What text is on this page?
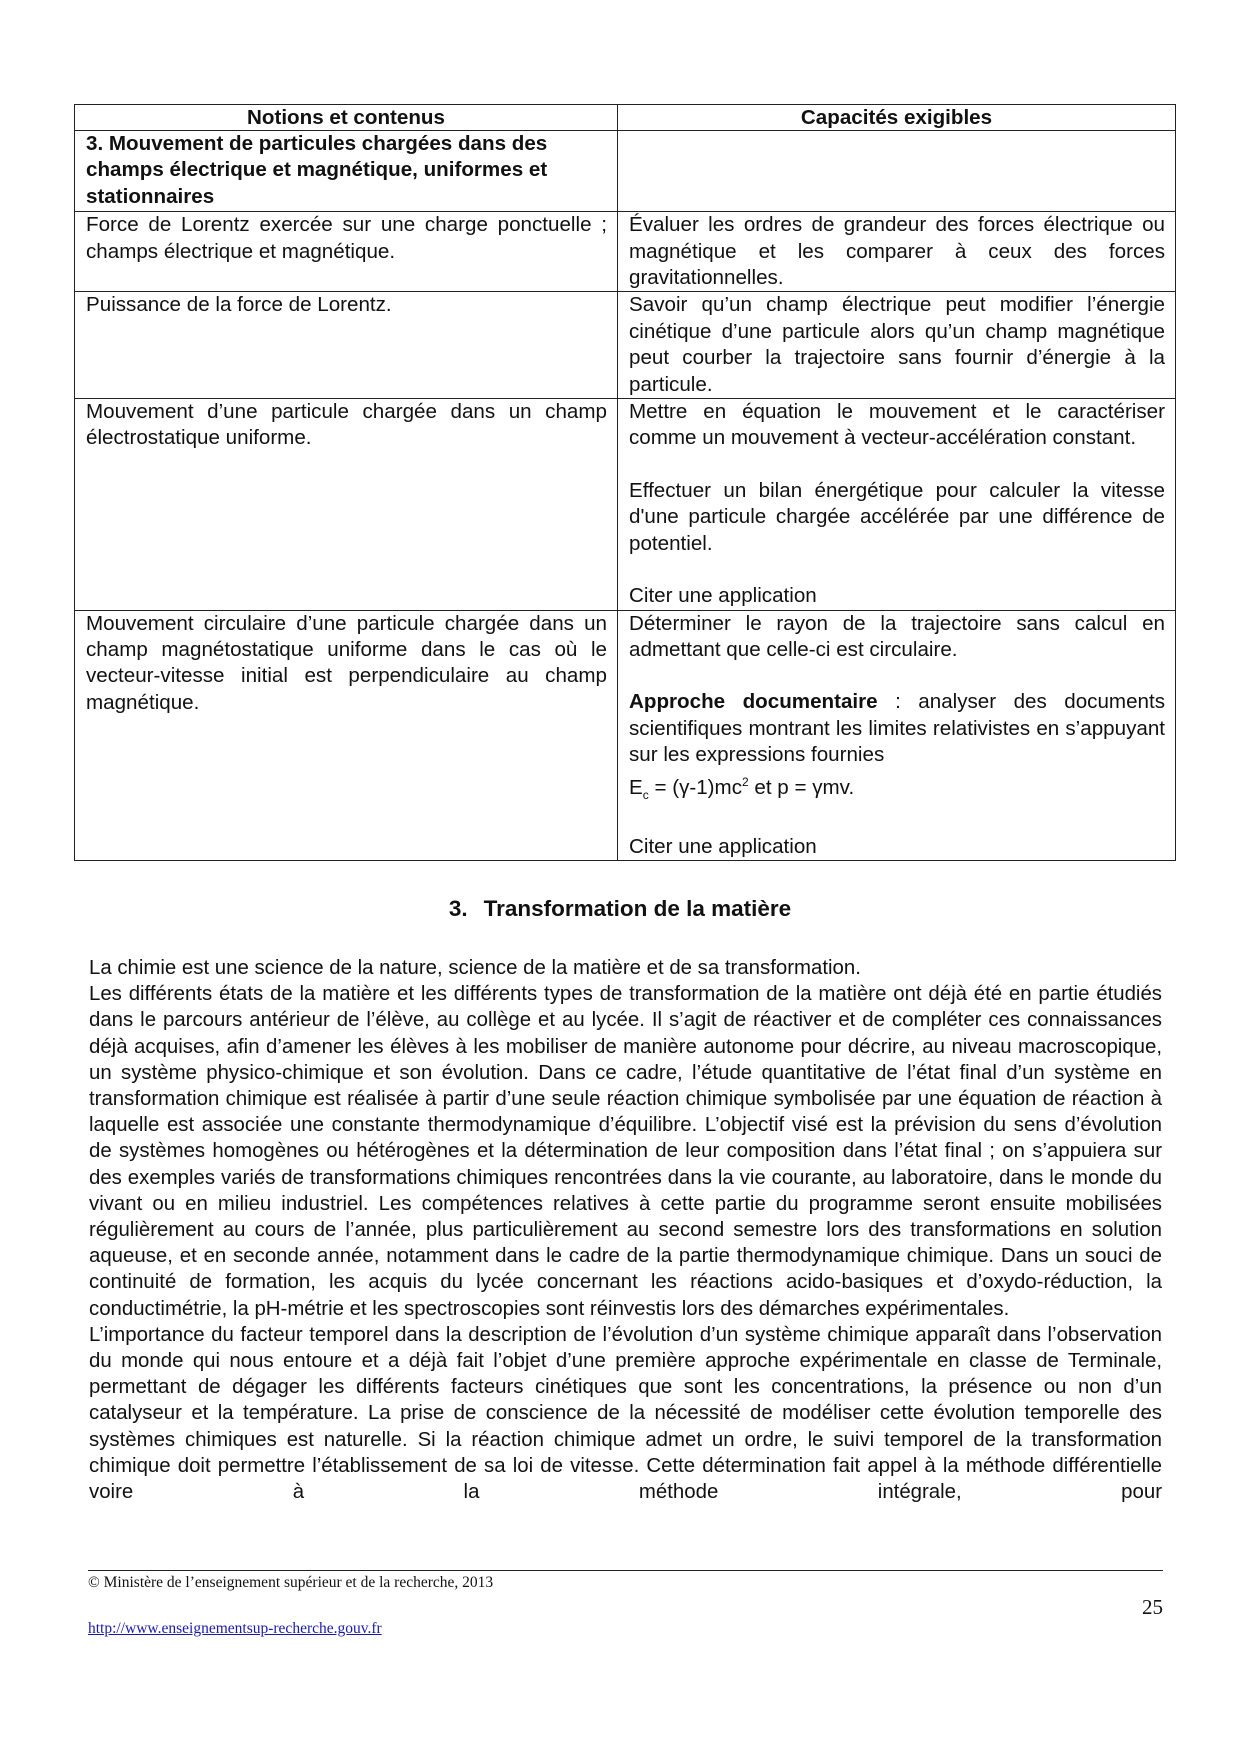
Notions et contenus	Capacités exigibles
3. Mouvement de particules chargées dans des champs électrique et magnétique, uniformes et stationnaires	
Force de Lorentz exercée sur une charge ponctuelle ; champs électrique et magnétique.	Évaluer les ordres de grandeur des forces électrique ou magnétique et les comparer à ceux des forces gravitationnelles.

Puissance de la force de Lorentz.	Savoir qu’un champ électrique peut modifier l’énergie cinétique d’une particule alors qu’un champ magnétique peut courber la trajectoire sans fournir d’énergie à la particule.

Mouvement d’une particule chargée dans un champ électrostatique uniforme.	Mettre en équation le mouvement et le caractériser comme un mouvement à vecteur-accélération constant.

Effectuer un bilan énergétique pour calculer la vitesse d'une particule chargée accélérée par une différence de potentiel.

Citer une application

Mouvement circulaire d’une particule chargée dans un champ magnétostatique uniforme dans le cas où le vecteur-vitesse initial est perpendiculaire au champ magnétique.	Déterminer le rayon de la trajectoire sans calcul en admettant que celle-ci est circulaire.

Approche documentaire : analyser des documents scientifiques montrant les limites relativistes en s’appuyant sur les expressions fournies

$E_c = (\gamma-1)mc^2$ et p = γmv.

Citer une application

3. Transformation de la matière

La chimie est une science de la nature, science de la matière et de sa transformation.

Les différents états de la matière et les différents types de transformation de la matière ont déjà été en partie étudiés dans le parcours antérieur de l’élève, au collège et au lycée. Il s’agit de réactiver et de compléter ces connaissances déjà acquises, afin d’amener les élèves à les mobiliser de manière autonome pour décrire, au niveau macroscopique, un système physico-chimique et son évolution. Dans ce cadre, l’étude quantitative de l’état final d’un système en transformation chimique est réalisée à partir d’une seule réaction chimique symbolisée par une équation de réaction à laquelle est associée une constante thermodynamique d’équilibre. L’objectif visé est la prévision du sens d’évolution de systèmes homogènes ou hétérogènes et la détermination de leur composition dans l’état final ; on s’appuiera sur des exemples variés de transformations chimiques rencontrées dans la vie courante, au laboratoire, dans le monde du vivant ou en milieu industriel. Les compétences relatives à cette partie du programme seront ensuite mobilisées régulièrement au cours de l’année, plus particulièrement au second semestre lors des transformations en solution aqueuse, et en seconde année, notamment dans le cadre de la partie thermodynamique chimique. Dans un souci de continuité de formation, les acquis du lycée concernant les réactions acido-basiques et d’oxydo-réduction, la conductimétrie, la pH-métrie et les spectroscopies sont réinvestis lors des démarches expérimentales.

L’importance du facteur temporel dans la description de l’évolution d’un système chimique apparaît dans l’observation du monde qui nous entoure et a déjà fait l’objet d’une première approche expérimentale en classe de Terminale, permettant de dégager les différents facteurs cinétiques que sont les concentrations, la présence ou non d’un catalyseur et la température. La prise de conscience de la nécessité de modéliser cette évolution temporelle des systèmes chimiques est naturelle. Si la réaction chimique admet un ordre, le suivi temporel de la transformation chimique doit permettre l’établissement de sa loi de vitesse. Cette détermination fait appel à la méthode différentielle voire à la méthode intégrale, pour

© Ministère de l’enseignement supérieur et de la recherche, 2013
25
http://www.enseignementsup-recherche.gouv.fr
